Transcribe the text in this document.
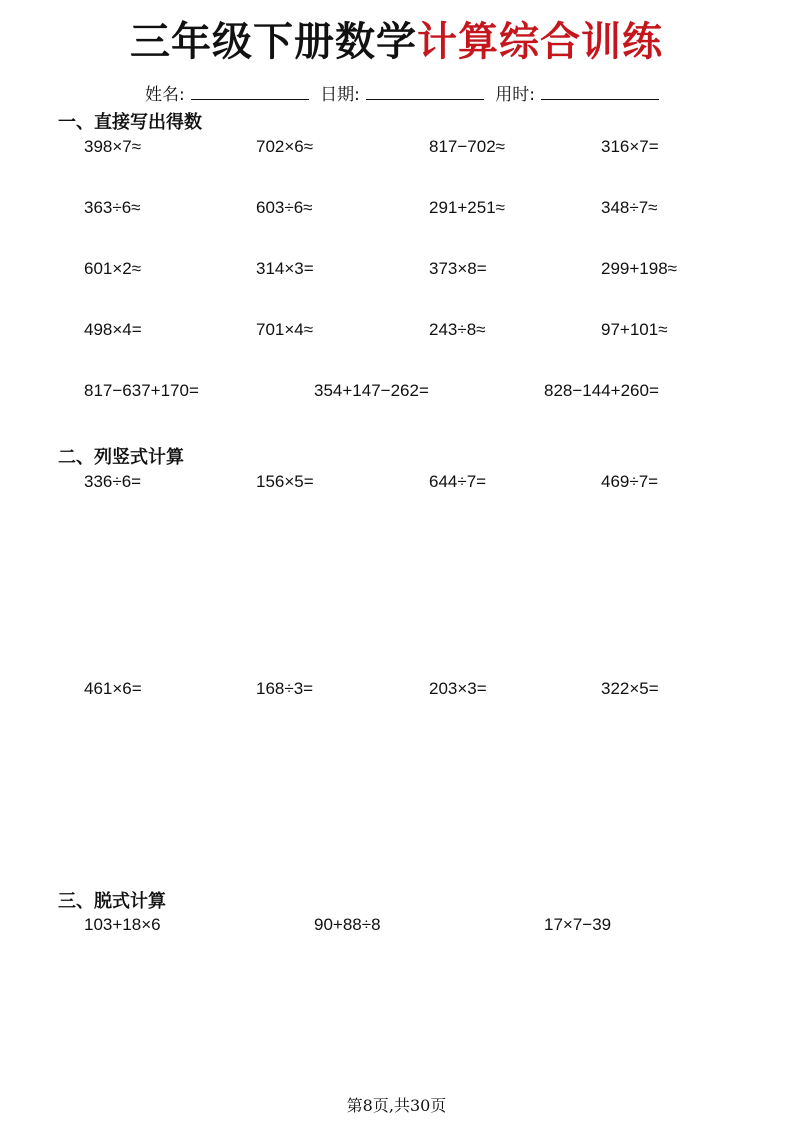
三年级下册数学计算综合训练
姓名:	日期:	用时:
一、直接写出得数
398×7≈	702×6≈	817−702≈	316×7=
363÷6≈	603÷6≈	291+251≈	348÷7≈
601×2≈	314×3=	373×8=	299+198≈
498×4=	701×4≈	243÷8≈	97+101≈
817−637+170=	354+147−262=	828−144+260=
二、列竖式计算
336÷6=	156×5=	644÷7=	469÷7=
461×6=	168÷3=	203×3=	322×5=
三、脱式计算
103+18×6	90+88÷8	17×7−39
第8页,共30页
